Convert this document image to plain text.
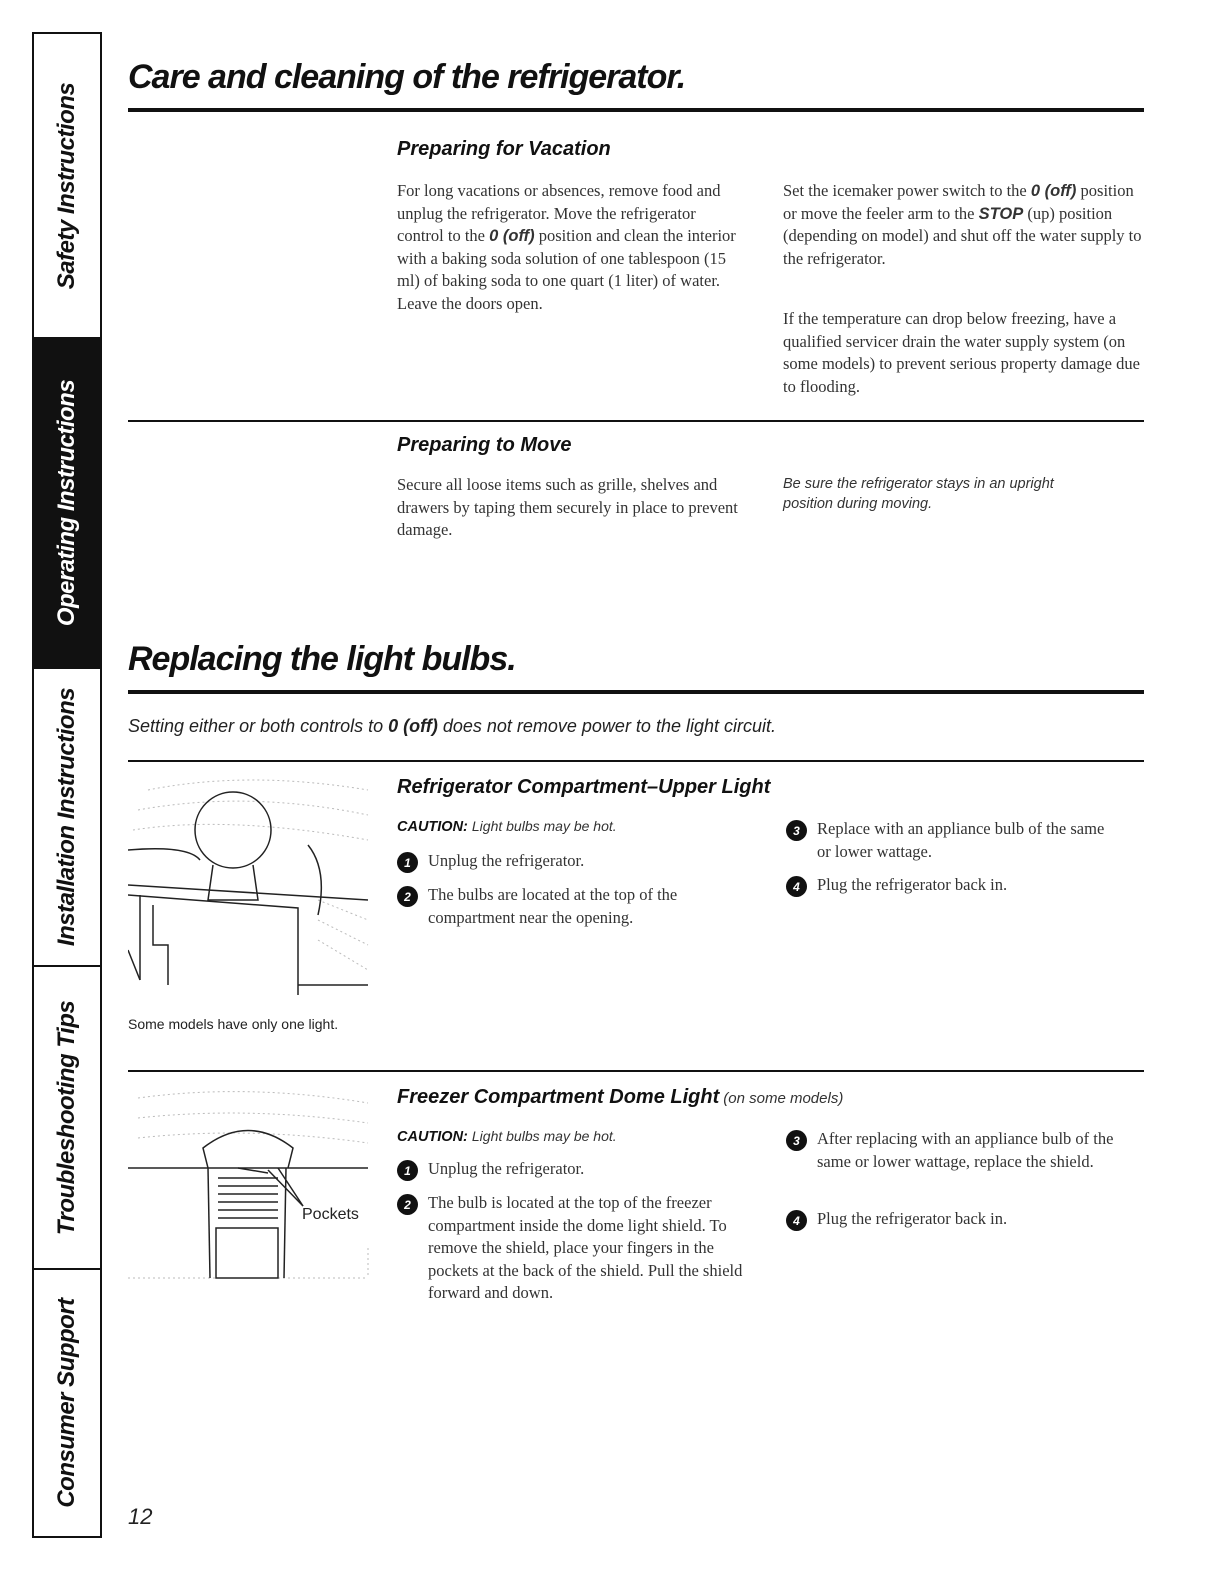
Safety Instructions
Operating Instructions
Installation Instructions
Troubleshooting Tips
Consumer Support
Care and cleaning of the refrigerator.
Preparing for Vacation
For long vacations or absences, remove food and unplug the refrigerator. Move the refrigerator control to the 0 (off) position and clean the interior with a baking soda solution of one tablespoon (15 ml) of baking soda to one quart (1 liter) of water. Leave the doors open.
Set the icemaker power switch to the 0 (off) position or move the feeler arm to the STOP (up) position (depending on model) and shut off the water supply to the refrigerator.
If the temperature can drop below freezing, have a qualified servicer drain the water supply system (on some models) to prevent serious property damage due to flooding.
Preparing to Move
Secure all loose items such as grille, shelves and drawers by taping them securely in place to prevent damage.
Be sure the refrigerator stays in an upright position during moving.
Replacing the light bulbs.
Setting either or both controls to 0 (off) does not remove power to the light circuit.
Some models have only one light.
Refrigerator Compartment–Upper Light
CAUTION: Light bulbs may be hot.
1	Unplug the refrigerator.
2	The bulbs are located at the top of the compartment near the opening.
3	Replace with an appliance bulb of the same or lower wattage.
4	Plug the refrigerator back in.
Pockets
Freezer Compartment Dome Light (on some models)
CAUTION: Light bulbs may be hot.
1	Unplug the refrigerator.
2	The bulb is located at the top of the freezer compartment inside the dome light shield. To remove the shield, place your fingers in the pockets at the back of the shield. Pull the shield forward and down.
3	After replacing with an appliance bulb of the same or lower wattage, replace the shield.
4	Plug the refrigerator back in.
12
